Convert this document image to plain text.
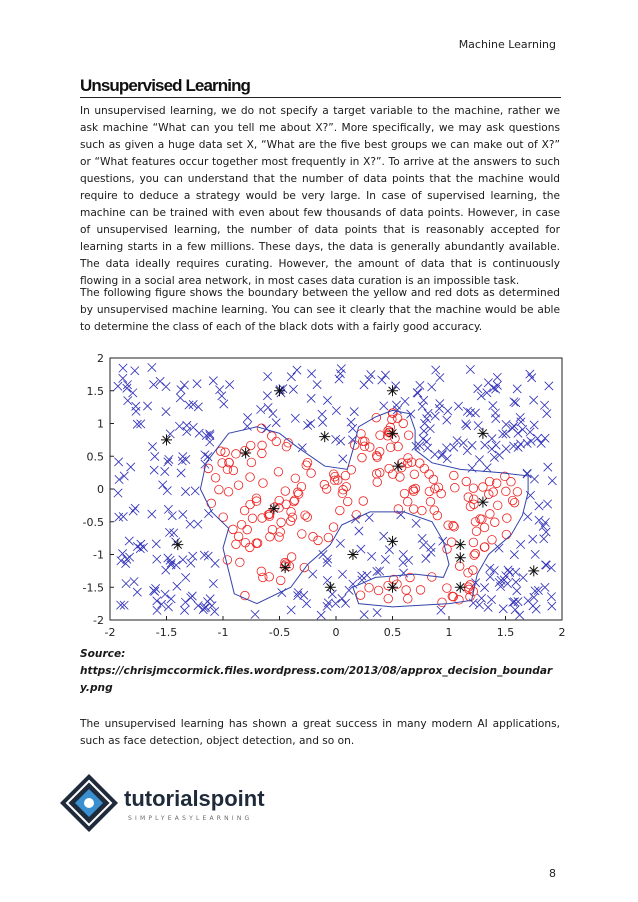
Machine Learning
Unsupervised Learning

In unsupervised learning, we do not specify a target variable to the machine, rather we ask machine “What can you tell me about X?”. More specifically, we may ask questions such as given a huge data set X, “What are the five best groups we can make out of X?” or “What features occur together most frequently in X?”. To arrive at the answers to such questions, you can understand that the number of data points that the machine would require to deduce a strategy would be very large. In case of supervised learning, the machine can be trained with even about few thousands of data points. However, in case of unsupervised learning, the number of data points that is reasonably accepted for learning starts in a few millions. These days, the data is generally abundantly available. The data ideally requires curating. However, the amount of data that is continuously flowing in a social area network, in most cases data curation is an impossible task.

The following figure shows the boundary between the yellow and red dots as determined by unsupervised machine learning. You can see it clearly that the machine would be able to determine the class of each of the black dots with a fairly good accuracy.

-2	-1.5	-1	-0.5	0	0.5	1	1.5	2
2
1.5
1
0.5
0
-0.5
-1
-1.5
-2
Source:
https://chrisjmccormick.files.wordpress.com/2013/08/approx_decision_boundary.png

The unsupervised learning has shown a great success in many modern AI applications, such as face detection, object detection, and so on.

tutorialspoint
SIMPLYEASYLEARNING
8
